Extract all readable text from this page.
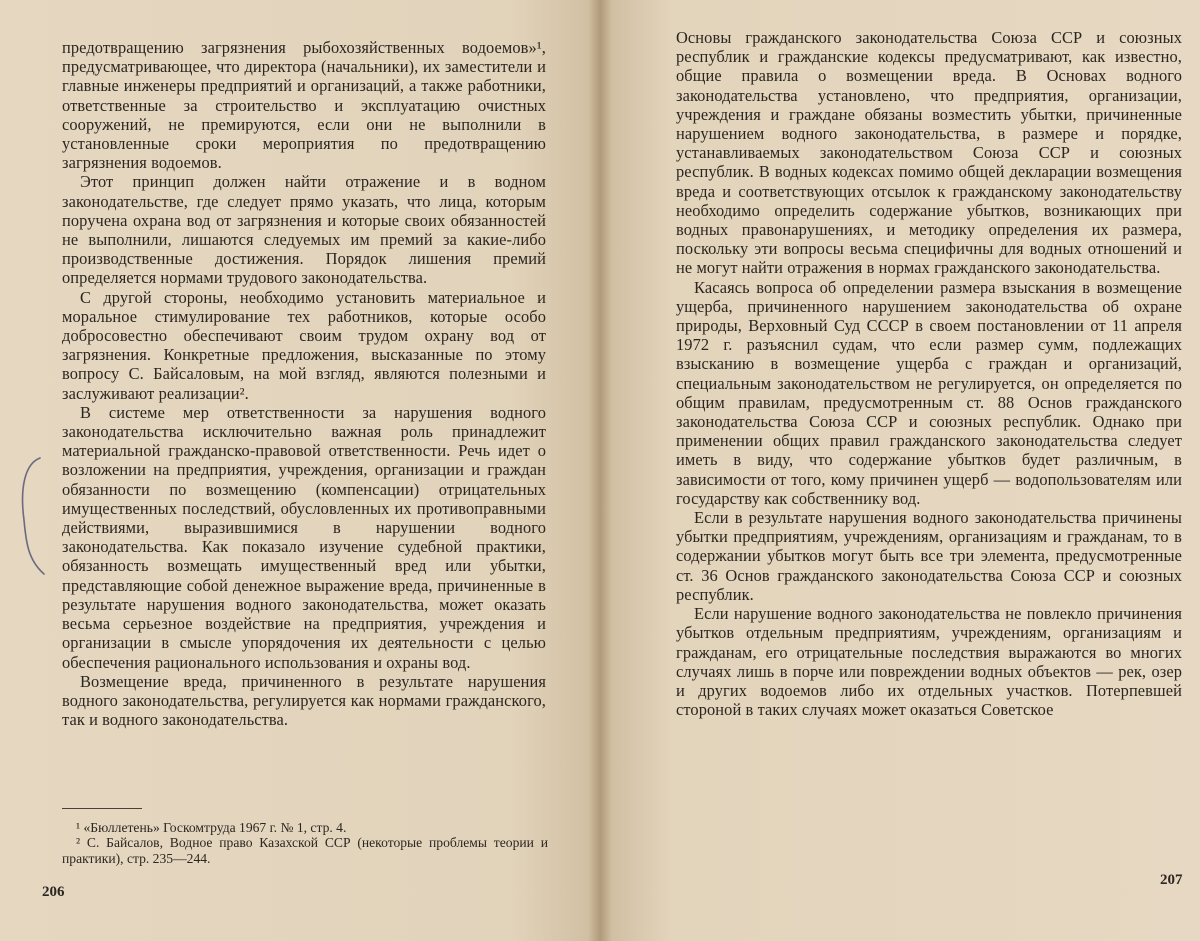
предотвращению загрязнения рыбохозяйственных водоемов»¹, предусматривающее, что директора (начальники), их заместители и главные инженеры предприятий и организаций, а также работники, ответственные за строительство и эксплуатацию очистных сооружений, не премируются, если они не выполнили в установленные сроки мероприятия по предотвращению загрязнения водоемов.

Этот принцип должен найти отражение и в водном законодательстве, где следует прямо указать, что лица, которым поручена охрана вод от загрязнения и которые своих обязанностей не выполнили, лишаются следуемых им премий за какие-либо производственные достижения. Порядок лишения премий определяется нормами трудового законодательства.

С другой стороны, необходимо установить материальное и моральное стимулирование тех работников, которые особо добросовестно обеспечивают своим трудом охрану вод от загрязнения. Конкретные предложения, высказанные по этому вопросу С. Байсаловым, на мой взгляд, являются полезными и заслуживают реализации².

В системе мер ответственности за нарушения водного законодательства исключительно важная роль принадлежит материальной гражданско-правовой ответственности. Речь идет о возложении на предприятия, учреждения, организации и граждан обязанности по возмещению (компенсации) отрицательных имущественных последствий, обусловленных их противоправными действиями, выразившимися в нарушении водного законодательства. Как показало изучение судебной практики, обязанность возмещать имущественный вред или убытки, представляющие собой денежное выражение вреда, причиненные в результате нарушения водного законодательства, может оказать весьма серьезное воздействие на предприятия, учреждения и организации в смысле упорядочения их деятельности с целью обеспечения рационального использования и охраны вод.

Возмещение вреда, причиненного в результате нарушения водного законодательства, регулируется как нормами гражданского, так и водного законодательства.

¹ «Бюллетень» Госкомтруда 1967 г. № 1, стр. 4.

² С. Байсалов, Водное право Казахской ССР (некоторые проблемы теории и практики), стр. 235—244.

206

Основы гражданского законодательства Союза ССР и союзных республик и гражданские кодексы предусматривают, как известно, общие правила о возмещении вреда. В Основах водного законодательства установлено, что предприятия, организации, учреждения и граждане обязаны возместить убытки, причиненные нарушением водного законодательства, в размере и порядке, устанавливаемых законодательством Союза ССР и союзных республик. В водных кодексах помимо общей декларации возмещения вреда и соответствующих отсылок к гражданскому законодательству необходимо определить содержание убытков, возникающих при водных правонарушениях, и методику определения их размера, поскольку эти вопросы весьма специфичны для водных отношений и не могут найти отражения в нормах гражданского законодательства.

Касаясь вопроса об определении размера взыскания в возмещение ущерба, причиненного нарушением законодательства об охране природы, Верховный Суд СССР в своем постановлении от 11 апреля 1972 г. разъяснил судам, что если размер сумм, подлежащих взысканию в возмещение ущерба с граждан и организаций, специальным законодательством не регулируется, он определяется по общим правилам, предусмотренным ст. 88 Основ гражданского законодательства Союза ССР и союзных республик. Однако при применении общих правил гражданского законодательства следует иметь в виду, что содержание убытков будет различным, в зависимости от того, кому причинен ущерб — водопользователям или государству как собственнику вод.

Если в результате нарушения водного законодательства причинены убытки предприятиям, учреждениям, организациям и гражданам, то в содержании убытков могут быть все три элемента, предусмотренные ст. 36 Основ гражданского законодательства Союза ССР и союзных республик.

Если нарушение водного законодательства не повлекло причинения убытков отдельным предприятиям, учреждениям, организациям и гражданам, его отрицательные последствия выражаются во многих случаях лишь в порче или повреждении водных объектов — рек, озер и других водоемов либо их отдельных участков. Потерпевшей стороной в таких случаях может оказаться Советское

207
